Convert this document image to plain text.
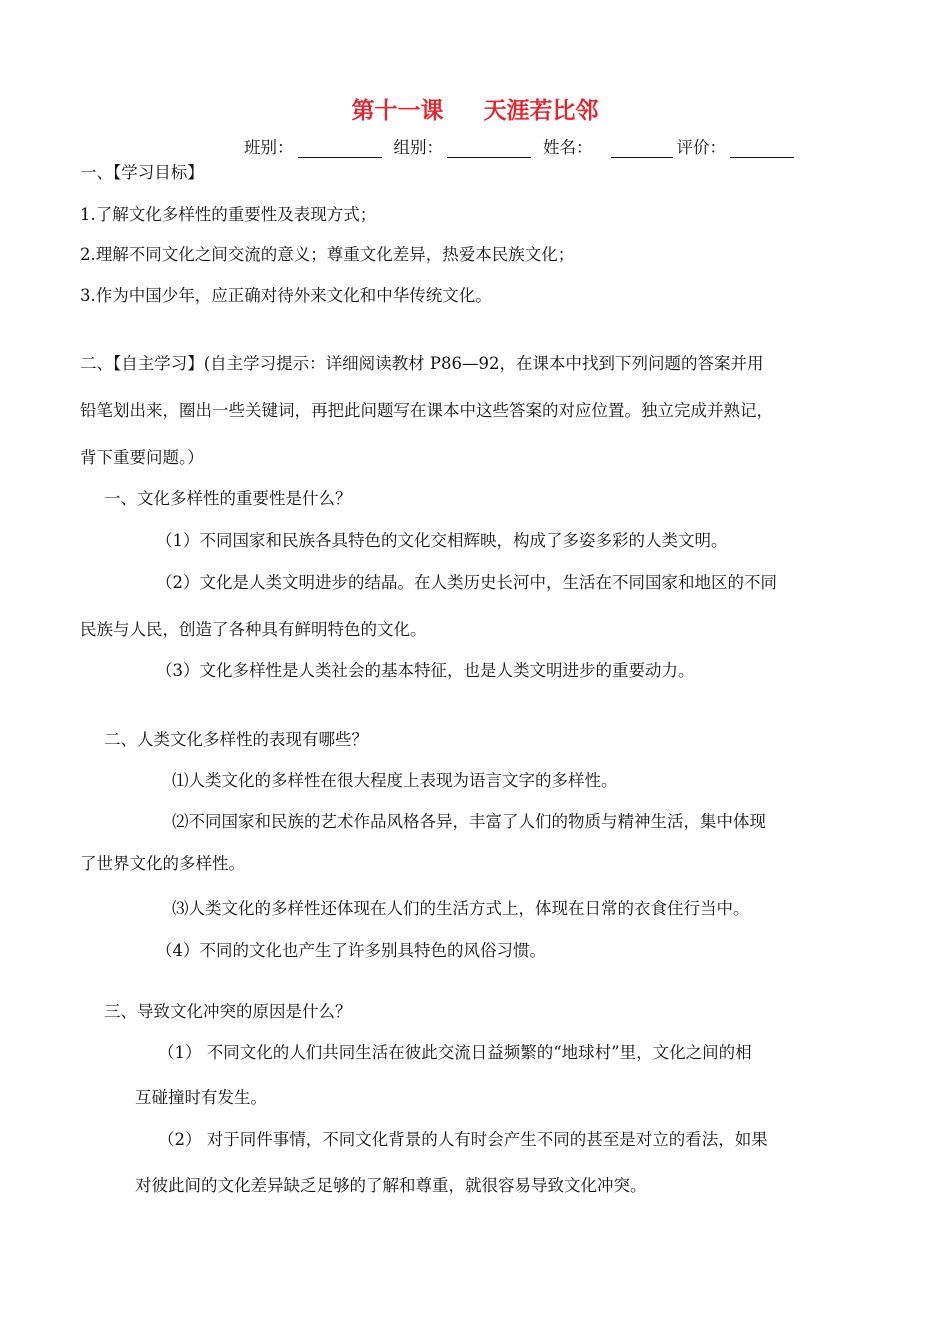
第十一课 天涯若比邻
班别：	组别：	姓名：	评价：
一、【学习目标】
1.了解文化多样性的重要性及表现方式；
2.理解不同文化之间交流的意义；尊重文化差异，热爱本民族文化；
3.作为中国少年，应正确对待外来文化和中华传统文化。
二、【自主学习】(自主学习提示：详细阅读教材 P86—92，在课本中找到下列问题的答案并用
铅笔划出来，圈出一些关键词，再把此问题写在课本中这些答案的对应位置。独立完成并熟记，
背下重要问题。）
一、文化多样性的重要性是什么？
（1）不同国家和民族各具特色的文化交相辉映，构成了多姿多彩的人类文明。
（2）文化是人类文明进步的结晶。在人类历史长河中，生活在不同国家和地区的不同
民族与人民，创造了各种具有鲜明特色的文化。
（3）文化多样性是人类社会的基本特征，也是人类文明进步的重要动力。
二、人类文化多样性的表现有哪些？
⑴人类文化的多样性在很大程度上表现为语言文字的多样性。
⑵不同国家和民族的艺术作品风格各异，丰富了人们的物质与精神生活，集中体现
了世界文化的多样性。
⑶人类文化的多样性还体现在人们的生活方式上，体现在日常的衣食住行当中。
（4）不同的文化也产生了许多别具特色的风俗习惯。
三、导致文化冲突的原因是什么？
（1） 不同文化的人们共同生活在彼此交流日益频繁的“地球村”里，文化之间的相
互碰撞时有发生。
（2） 对于同件事情，不同文化背景的人有时会产生不同的甚至是对立的看法，如果
对彼此间的文化差异缺乏足够的了解和尊重，就很容易导致文化冲突。
